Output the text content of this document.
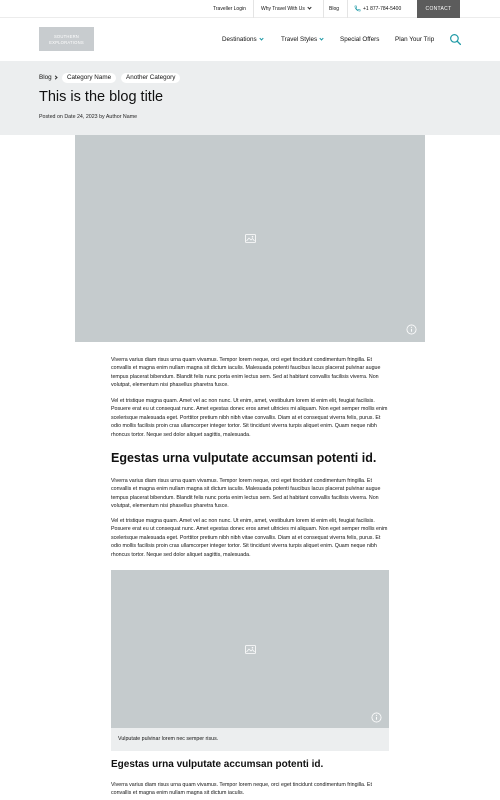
Traveller Login	Why Travel With Us	Blog	+1 877-784-5400	CONTACT
SOUTHERN
EXPLORATIONS	Destinations	Travel Styles	Special Offers Plan Your Trip
Blog	Category Name	Another Category
This is the blog title
Posted on Date 24, 2023 by Author Name

Viverra varius diam risus urna quam vivamus. Tempor lorem neque, orci eget tincidunt condimentum fringilla. Et convallis et magna enim nullam magna sit dictum iaculis. Malesuada potenti faucibus lacus placerat pulvinar augue tempus placerat bibendum. Blandit felis nunc porta enim lectus sem. Sed at habitant convallis facilisis viverra. Non volutpat, elementum nisi phasellus pharetra fusce.

Vel et tristique magna quam. Amet vel ac non nunc. Ut enim, amet, vestibulum lorem id enim elit, feugiat facilisis. Posuere erat eu ut consequat nunc. Amet egestas donec eros amet ultricies mi aliquam. Non eget semper mollis enim scelerisque malesuada eget. Porttitor pretium nibh nibh vitae convallis. Diam at et consequat viverra felis, purus. Et odio mollis facilisis proin cras ullamcorper integer tortor. Sit tincidunt viverra turpis aliquet enim. Quam neque nibh rhoncus tortor. Neque sed dolor aliquet sagittis, malesuada.

Egestas urna vulputate accumsan potenti id.

Viverra varius diam risus urna quam vivamus. Tempor lorem neque, orci eget tincidunt condimentum fringilla. Et convallis et magna enim nullam magna sit dictum iaculis. Malesuada potenti faucibus lacus placerat pulvinar augue tempus placerat bibendum. Blandit felis nunc porta enim lectus sem. Sed at habitant convallis facilisis viverra. Non volutpat, elementum nisi phasellus pharetra fusce.

Vel et tristique magna quam. Amet vel ac non nunc. Ut enim, amet, vestibulum lorem id enim elit, feugiat facilisis. Posuere erat eu ut consequat nunc. Amet egestas donec eros amet ultricies mi aliquam. Non eget semper mollis enim scelerisque malesuada eget. Porttitor pretium nibh nibh vitae convallis. Diam at et consequat viverra felis, purus. Et odio mollis facilisis proin cras ullamcorper integer tortor. Sit tincidunt viverra turpis aliquet enim. Quam neque nibh rhoncus tortor. Neque sed dolor aliquet sagittis, malesuada.

Vulputate pulvinar lorem nec semper risus.
Egestas urna vulputate accumsan potenti id.

Viverra varius diam risus urna quam vivamus. Tempor lorem neque, orci eget tincidunt condimentum fringilla. Et convallis et magna enim nullam magna sit dictum iaculis.
